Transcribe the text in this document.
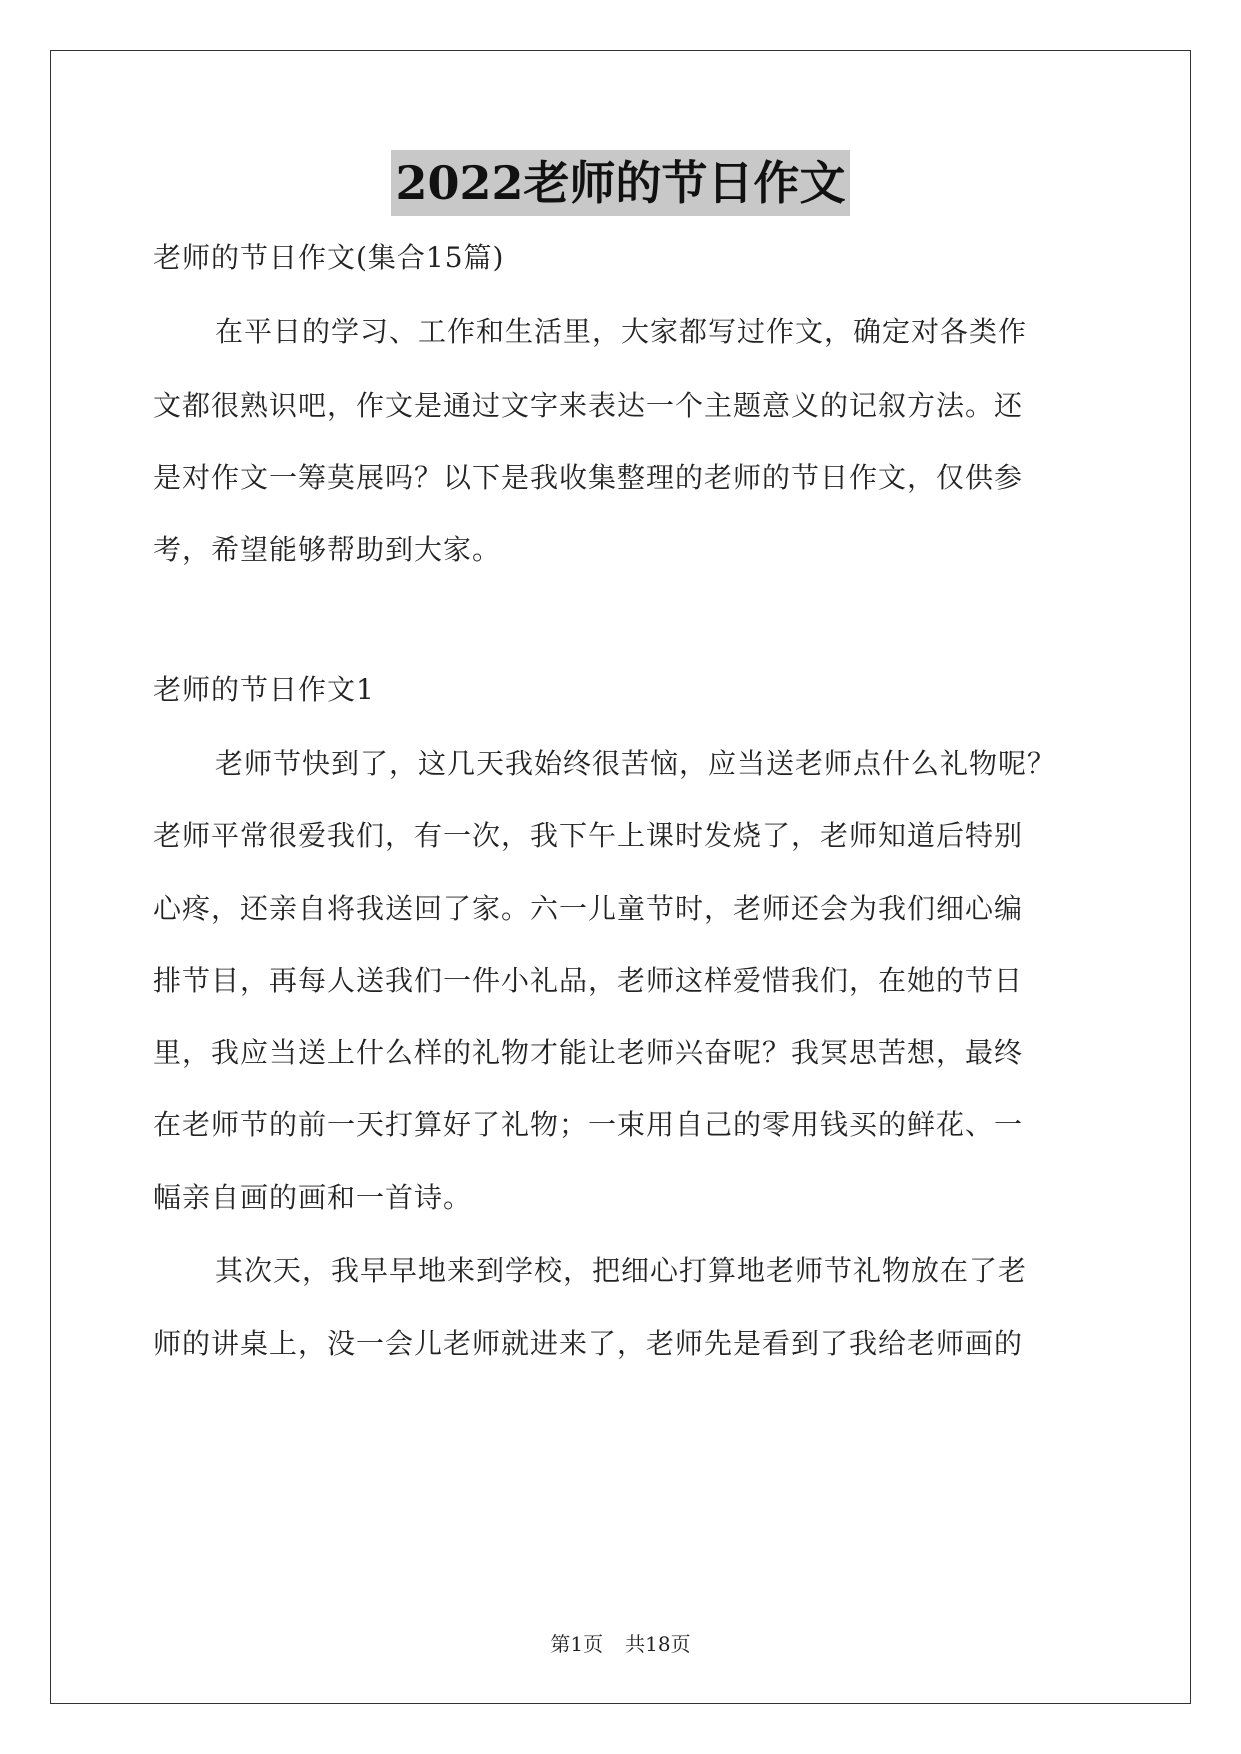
2022老师的节日作文
老师的节日作文(集合15篇)
在平日的学习、工作和生活里，大家都写过作文，确定对各类作
文都很熟识吧，作文是通过文字来表达一个主题意义的记叙方法。还
是对作文一筹莫展吗？以下是我收集整理的老师的节日作文，仅供参
考，希望能够帮助到大家。
老师的节日作文1
老师节快到了，这几天我始终很苦恼，应当送老师点什么礼物呢？
老师平常很爱我们，有一次，我下午上课时发烧了，老师知道后特别
心疼，还亲自将我送回了家。六一儿童节时，老师还会为我们细心编
排节目，再每人送我们一件小礼品，老师这样爱惜我们，在她的节日
里，我应当送上什么样的礼物才能让老师兴奋呢？我冥思苦想，最终
在老师节的前一天打算好了礼物；一束用自己的零用钱买的鲜花、一
幅亲自画的画和一首诗。
其次天，我早早地来到学校，把细心打算地老师节礼物放在了老
师的讲桌上，没一会儿老师就进来了，老师先是看到了我给老师画的
第1页 共18页
